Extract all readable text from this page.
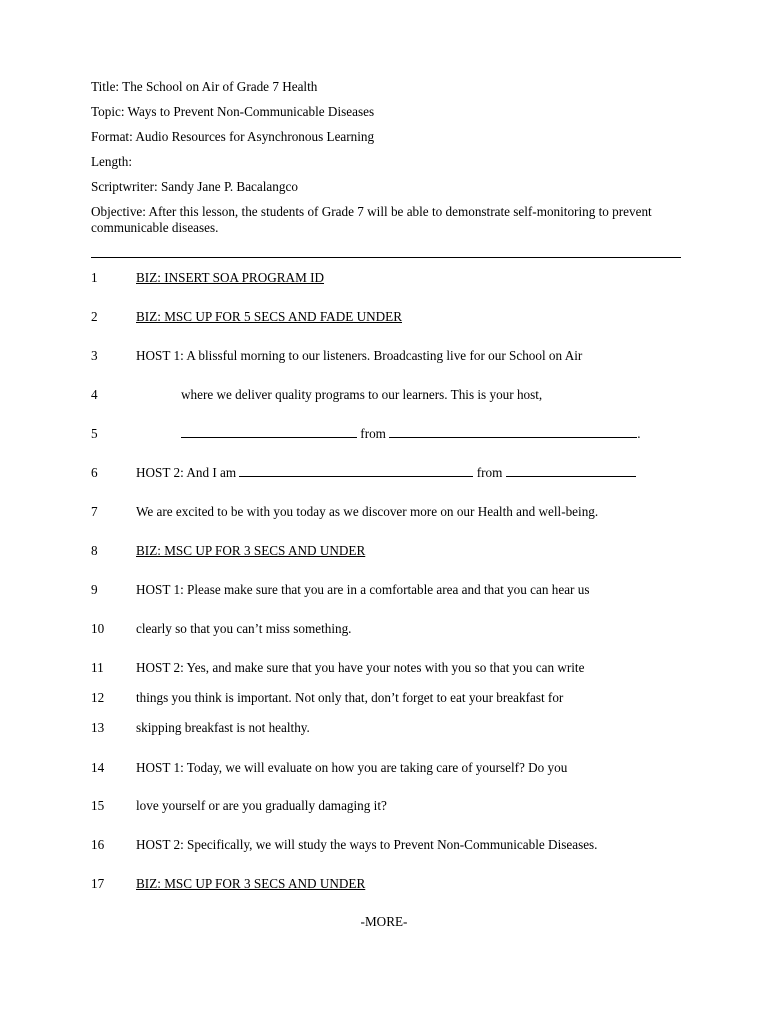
Title: The School on Air of Grade 7 Health
Topic: Ways to Prevent Non-Communicable Diseases
Format: Audio Resources for Asynchronous Learning
Length:
Scriptwriter: Sandy Jane P. Bacalangco
Objective: After this lesson, the students of Grade 7 will be able to demonstrate self-monitoring to prevent communicable diseases.
1	BIZ: INSERT SOA PROGRAM ID
2	BIZ: MSC UP FOR 5 SECS AND FADE UNDER
3	HOST 1: A blissful morning to our listeners. Broadcasting live for our School on Air
4	where we deliver quality programs to our learners. This is your host,
5	from	.
6	HOST 2: And I am	from
7	We are excited to be with you today as we discover more on our Health and well-being.
8	BIZ: MSC UP FOR 3 SECS AND UNDER
9	HOST 1: Please make sure that you are in a comfortable area and that you can hear us
10	clearly so that you can’t miss something.
11	HOST 2: Yes, and make sure that you have your notes with you so that you can write
12	things you think is important. Not only that, don’t forget to eat your breakfast for
13	skipping breakfast is not healthy.
14	HOST 1: Today, we will evaluate on how you are taking care of yourself? Do you
15	love yourself or are you gradually damaging it?
16	HOST 2: Specifically, we will study the ways to Prevent Non-Communicable Diseases.
17	BIZ: MSC UP FOR 3 SECS AND UNDER
-MORE-
